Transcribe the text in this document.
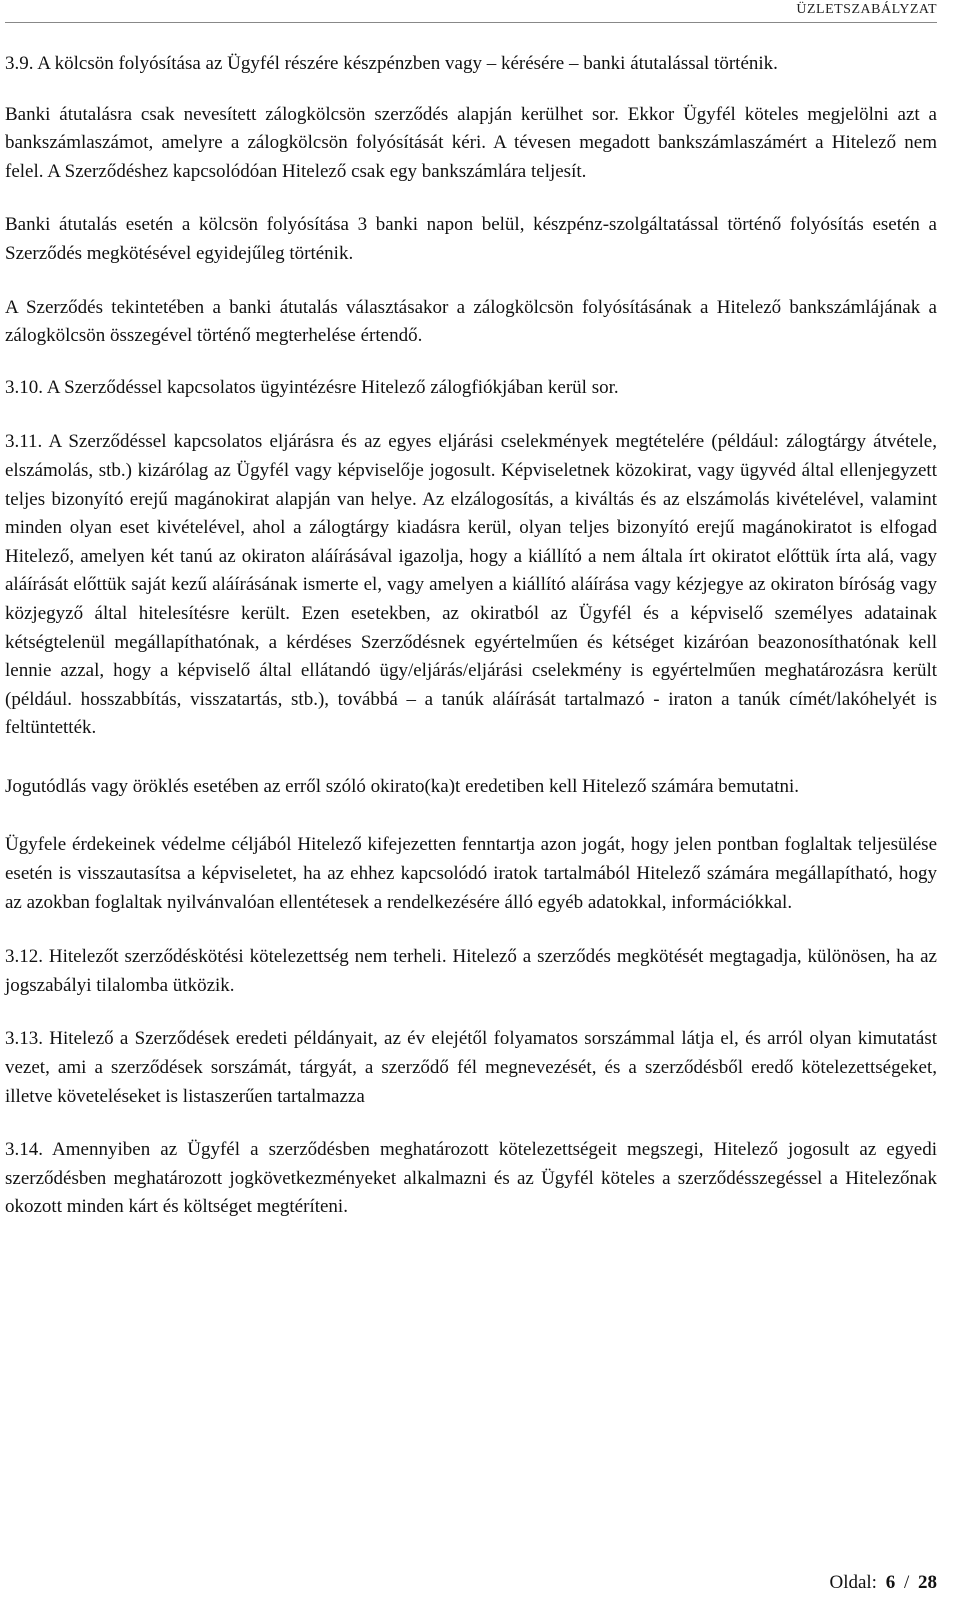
ÜZLETSZABÁLYZAT

3.9. A kölcsön folyósítása az Ügyfél részére készpénzben vagy – kérésére – banki átutalással történik.

Banki átutalásra csak nevesített zálogkölcsön szerződés alapján kerülhet sor. Ekkor Ügyfél köteles megjelölni azt a bankszámlaszámot, amelyre a zálogkölcsön folyósítását kéri. A tévesen megadott bankszámlaszámért a Hitelező nem felel. A Szerződéshez kapcsolódóan Hitelező csak egy bankszámlára teljesít.

Banki átutalás esetén a kölcsön folyósítása 3 banki napon belül, készpénz-szolgáltatással történő folyósítás esetén a Szerződés megkötésével egyidejűleg történik.

A Szerződés tekintetében a banki átutalás választásakor a zálogkölcsön folyósításának a Hitelező bankszámlájának a zálogkölcsön összegével történő megterhelése értendő.

3.10. A Szerződéssel kapcsolatos ügyintézésre Hitelező zálogfiókjában kerül sor.

3.11. A Szerződéssel kapcsolatos eljárásra és az egyes eljárási cselekmények megtételére (például: zálogtárgy átvétele, elszámolás, stb.) kizárólag az Ügyfél vagy képviselője jogosult. Képviseletnek közokirat, vagy ügyvéd által ellenjegyzett teljes bizonyító erejű magánokirat alapján van helye. Az elzálogosítás, a kiváltás és az elszámolás kivételével, valamint minden olyan eset kivételével, ahol a zálogtárgy kiadásra kerül, olyan teljes bizonyító erejű magánokiratot is elfogad Hitelező, amelyen két tanú az okiraton aláírásával igazolja, hogy a kiállító a nem általa írt okiratot előttük írta alá, vagy aláírását előttük saját kezű aláírásának ismerte el, vagy amelyen a kiállító aláírása vagy kézjegye az okiraton bíróság vagy közjegyző által hitelesítésre került. Ezen esetekben, az okiratból az Ügyfél és a képviselő személyes adatainak kétségtelenül megállapíthatónak, a kérdéses Szerződésnek egyértelműen és kétséget kizáróan beazonosíthatónak kell lennie azzal, hogy a képviselő által ellátandó ügy/eljárás/eljárási cselekmény is egyértelműen meghatározásra került (például. hosszabbítás, visszatartás, stb.), továbbá – a tanúk aláírását tartalmazó - iraton a tanúk címét/lakóhelyét is feltüntették.

Jogutódlás vagy öröklés esetében az erről szóló okirato(ka)t eredetiben kell Hitelező számára bemutatni.

Ügyfele érdekeinek védelme céljából Hitelező kifejezetten fenntartja azon jogát, hogy jelen pontban foglaltak teljesülése esetén is visszautasítsa a képviseletet, ha az ehhez kapcsolódó iratok tartalmából Hitelező számára megállapítható, hogy az azokban foglaltak nyilvánvalóan ellentétesek a rendelkezésére álló egyéb adatokkal, információkkal.

3.12. Hitelezőt szerződéskötési kötelezettség nem terheli. Hitelező a szerződés megkötését megtagadja, különösen, ha az jogszabályi tilalomba ütközik.

3.13. Hitelező a Szerződések eredeti példányait, az év elejétől folyamatos sorszámmal látja el, és arról olyan kimutatást vezet, ami a szerződések sorszámát, tárgyát, a szerződő fél megnevezését, és a szerződésből eredő kötelezettségeket, illetve követeléseket is listaszerűen tartalmazza

3.14. Amennyiben az Ügyfél a szerződésben meghatározott kötelezettségeit megszegi, Hitelező jogosult az egyedi szerződésben meghatározott jogkövetkezményeket alkalmazni és az Ügyfél köteles a szerződésszegéssel a Hitelezőnak okozott minden kárt és költséget megtéríteni.

Oldal: 6 / 28
